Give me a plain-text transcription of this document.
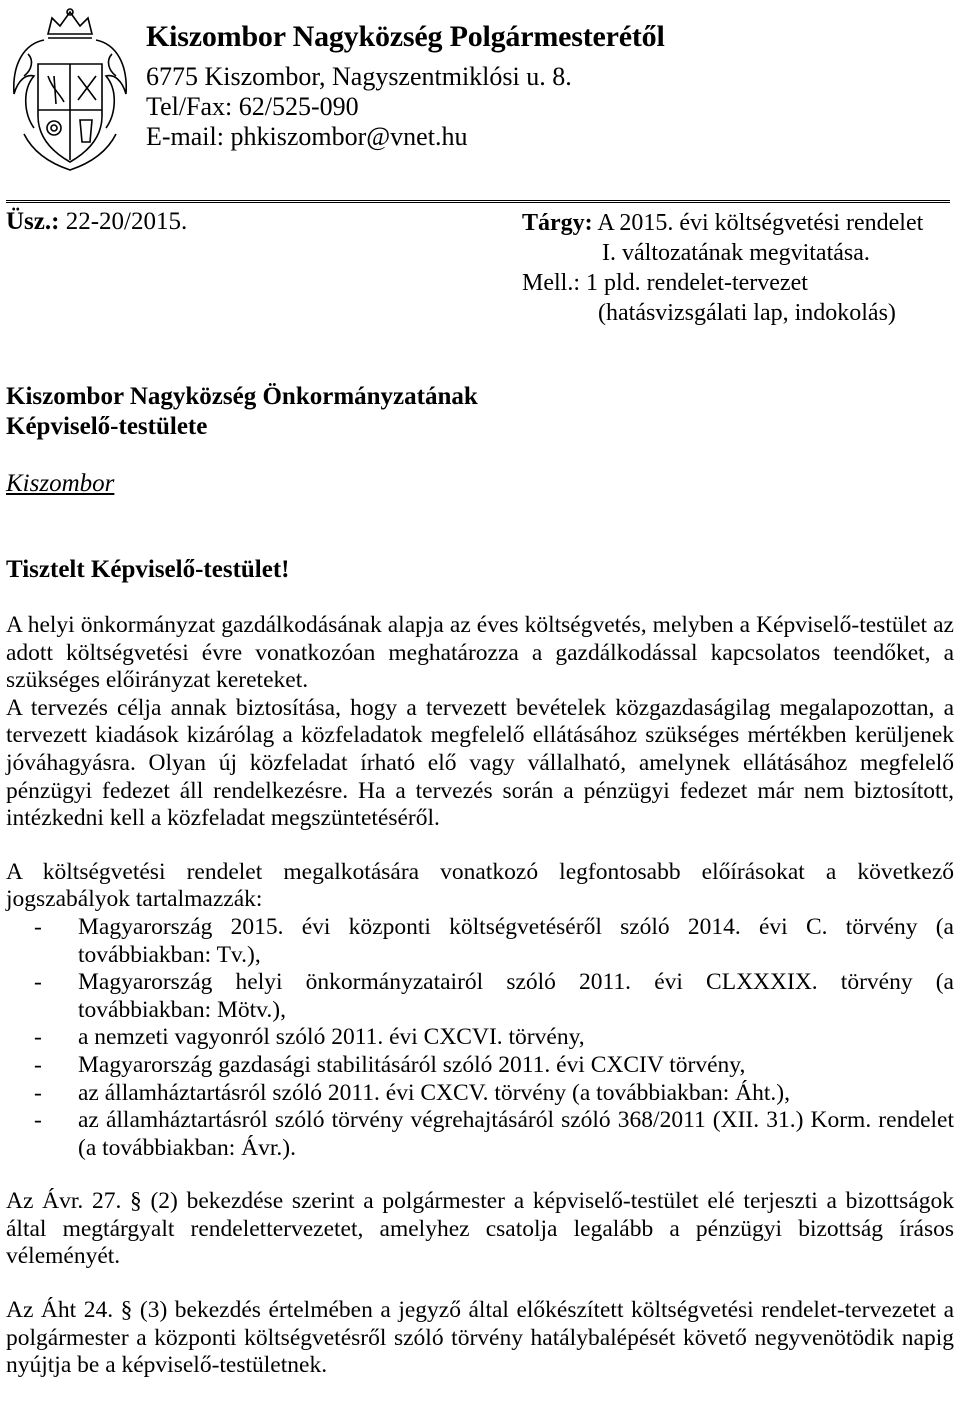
Kiszombor Nagyközség Polgármesterétől
6775 Kiszombor, Nagyszentmiklósi u. 8.
Tel/Fax: 62/525-090
E-mail: phkiszombor@vnet.hu
Üsz.: 22-20/2015.	Tárgy: A 2015. évi költségvetési rendelet
I. változatának megvitatása.
Mell.: 1 pld. rendelet-tervezet
(hatásvizsgálati lap, indokolás)
Kiszombor Nagyközség Önkormányzatának
Képviselő-testülete
Kiszombor
Tisztelt Képviselő-testület!

A helyi önkormányzat gazdálkodásának alapja az éves költségvetés, melyben a Képviselő-testület az adott költségvetési évre vonatkozóan meghatározza a gazdálkodással kapcsolatos teendőket, a szükséges előirányzat kereteket.

A tervezés célja annak biztosítása, hogy a tervezett bevételek közgazdaságilag megalapozottan, a tervezett kiadások kizárólag a közfeladatok megfelelő ellátásához szükséges mértékben kerüljenek jóváhagyásra. Olyan új közfeladat írható elő vagy vállalható, amelynek ellátásához megfelelő pénzügyi fedezet áll rendelkezésre. Ha a tervezés során a pénzügyi fedezet már nem biztosított, intézkedni kell a közfeladat megszüntetéséről.

A költségvetési rendelet megalkotására vonatkozó legfontosabb előírásokat a következő jogszabályok tartalmazzák:

- Magyarország 2015. évi központi költségvetéséről szóló 2014. évi C. törvény (a továbbiakban: Tv.),
- Magyarország helyi önkormányzatairól szóló 2011. évi CLXXXIX. törvény (a továbbiakban: Mötv.),
- a nemzeti vagyonról szóló 2011. évi CXCVI. törvény,
- Magyarország gazdasági stabilitásáról szóló 2011. évi CXCIV törvény,
- az államháztartásról szóló 2011. évi CXCV. törvény (a továbbiakban: Áht.),
- az államháztartásról szóló törvény végrehajtásáról szóló 368/2011 (XII. 31.) Korm. rendelet (a továbbiakban: Ávr.).

Az Ávr. 27. § (2) bekezdése szerint a polgármester a képviselő-testület elé terjeszti a bizottságok által megtárgyalt rendelettervezetet, amelyhez csatolja legalább a pénzügyi bizottság írásos véleményét.

Az Áht 24. § (3) bekezdés értelmében a jegyző által előkészített költségvetési rendelet-tervezetet a polgármester a központi költségvetésről szóló törvény hatálybalépését követő negyvenötödik napig nyújtja be a képviselő-testületnek.
